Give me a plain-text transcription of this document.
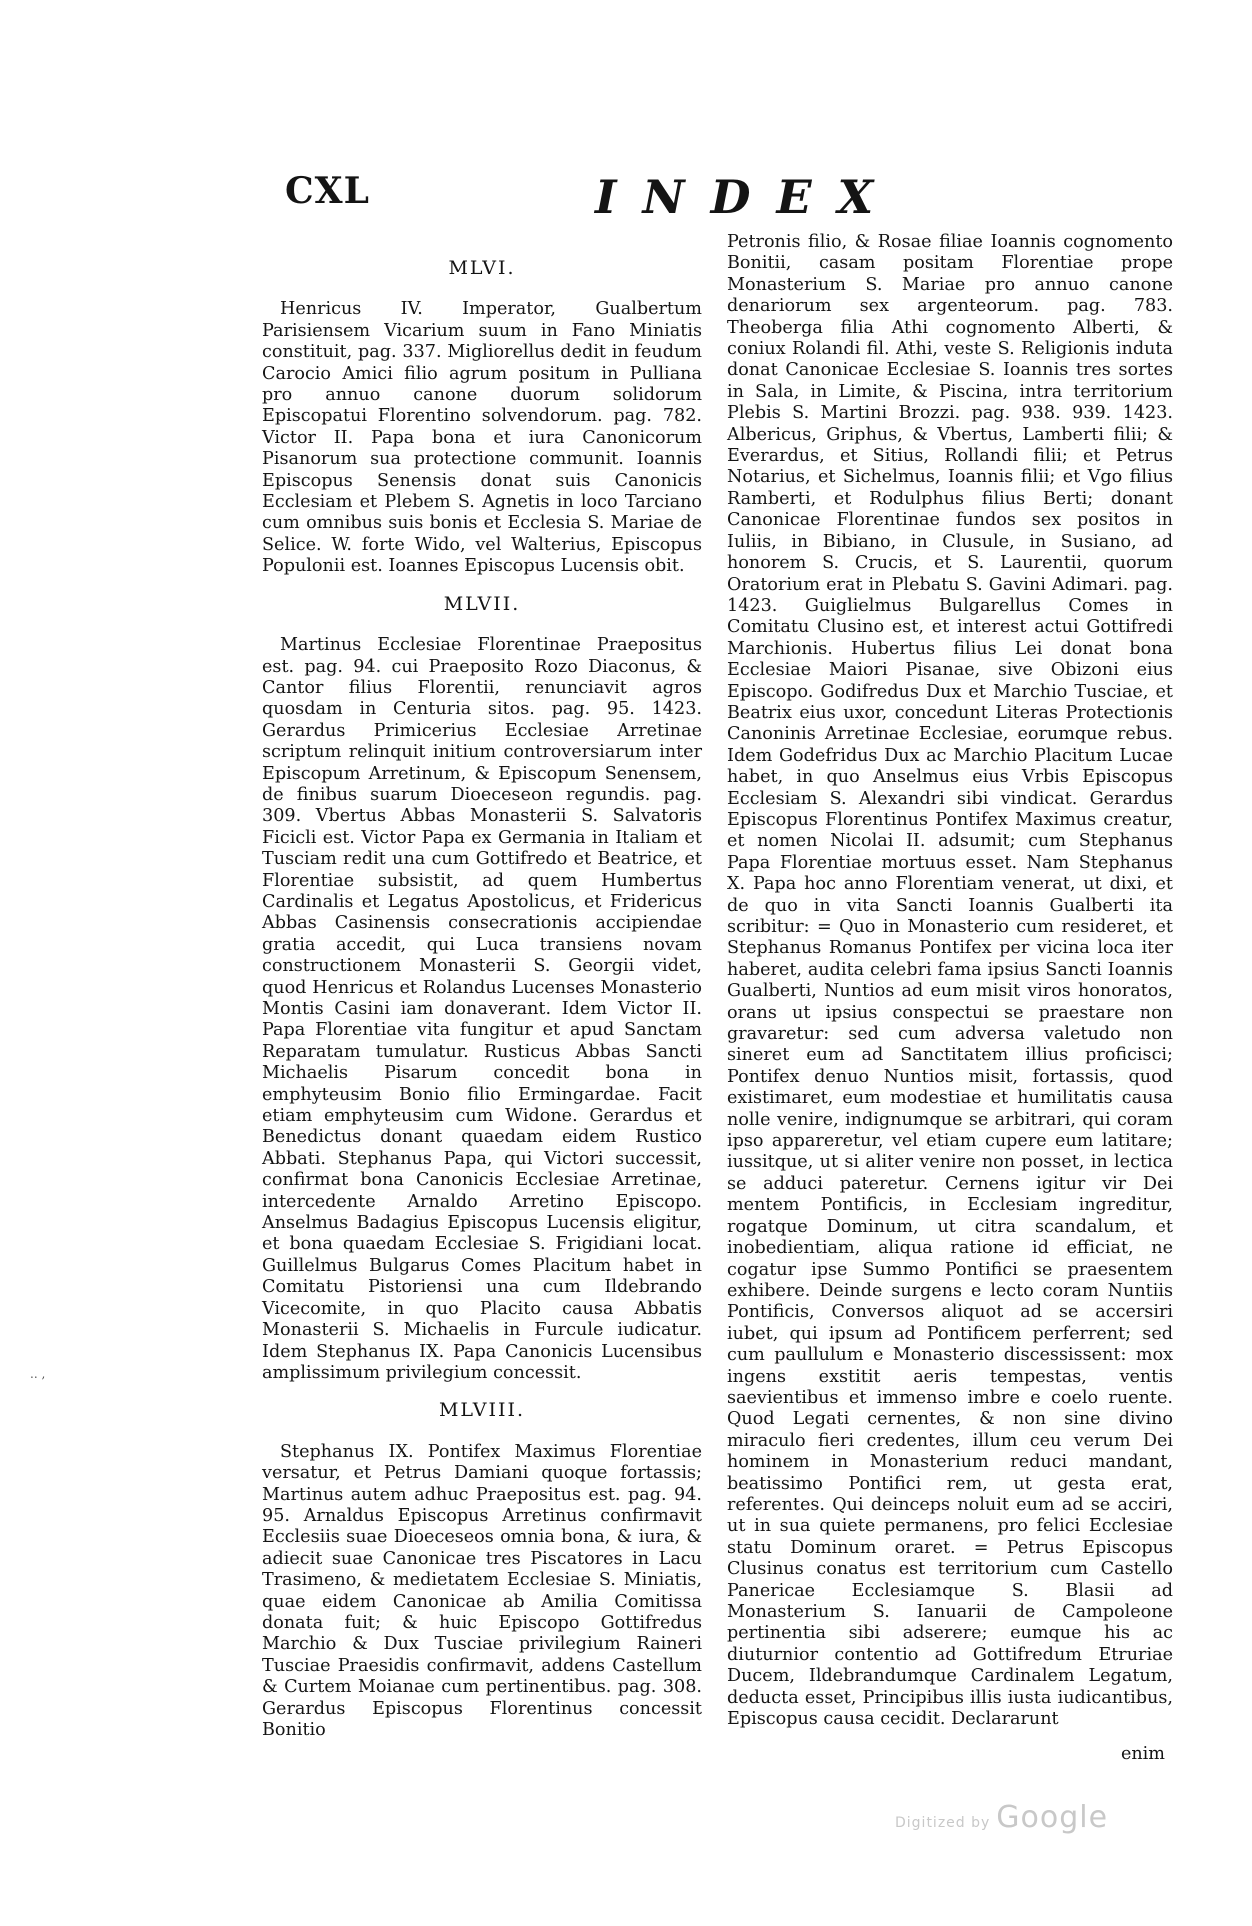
CXL	INDEX
MLVI.

Henricus IV. Imperator, Gualbertum Parisiensem Vicarium suum in Fano Miniatis constituit, pag. 337. Migliorellus dedit in feudum Carocio Amici filio agrum positum in Pulliana pro annuo canone duorum solidorum Episcopatui Florentino solvendorum. pag. 782. Victor II. Papa bona et iura Canonicorum Pisanorum sua protectione communit. Ioannis Episcopus Senensis donat suis Canonicis Ecclesiam et Plebem S. Agnetis in loco Tarciano cum omnibus suis bonis et Ecclesia S. Mariae de Selice. W. forte Wido, vel Walterius, Episcopus Populonii est. Ioannes Episcopus Lucensis obit.

MLVII.

Martinus Ecclesiae Florentinae Praepositus est. pag. 94. cui Praeposito Rozo Diaconus, & Cantor filius Florentii, renunciavit agros quosdam in Centuria sitos. pag. 95. 1423. Gerardus Primicerius Ecclesiae Arretinae scriptum relinquit initium controversiarum inter Episcopum Arretinum, & Episcopum Senensem, de finibus suarum Dioeceseon regundis. pag. 309. Vbertus Abbas Monasterii S. Salvatoris Ficicli est. Victor Papa ex Germania in Italiam et Tusciam redit una cum Gottifredo et Beatrice, et Florentiae subsistit, ad quem Humbertus Cardinalis et Legatus Apostolicus, et Fridericus Abbas Casinensis consecrationis accipiendae gratia accedit, qui Luca transiens novam constructionem Monasterii S. Georgii videt, quod Henricus et Rolandus Lucenses Monasterio Montis Casini iam donaverant. Idem Victor II. Papa Florentiae vita fungitur et apud Sanctam Reparatam tumulatur. Rusticus Abbas Sancti Michaelis Pisarum concedit bona in emphyteusim Bonio filio Ermingardae. Facit etiam emphyteusim cum Widone. Gerardus et Benedictus donant quaedam eidem Rustico Abbati. Stephanus Papa, qui Victori successit, confirmat bona Canonicis Ecclesiae Arretinae, intercedente Arnaldo Arretino Episcopo. Anselmus Badagius Episcopus Lucensis eligitur, et bona quaedam Ecclesiae S. Frigidiani locat. Guillelmus Bulgarus Comes Placitum habet in Comitatu Pistoriensi una cum Ildebrando Vicecomite, in quo Placito causa Abbatis Monasterii S. Michaelis in Furcule iudicatur. Idem Stephanus IX. Papa Canonicis Lucensibus amplissimum privilegium concessit.

MLVIII.

Stephanus IX. Pontifex Maximus Florentiae versatur, et Petrus Damiani quoque fortassis; Martinus autem adhuc Praepositus est. pag. 94. 95. Arnaldus Episcopus Arretinus confirmavit Ecclesiis suae Dioeceseos omnia bona, & iura, & adiecit suae Canonicae tres Piscatores in Lacu Trasimeno, & medietatem Ecclesiae S. Miniatis, quae eidem Canonicae ab Amilia Comitissa donata fuit; & huic Episcopo Gottifredus Marchio & Dux Tusciae privilegium Raineri Tusciae Praesidis confirmavit, addens Castellum & Curtem Moianae cum pertinentibus. pag. 308. Gerardus Episcopus Florentinus concessit Bonitio

Petronis filio, & Rosae filiae Ioannis cognomento Bonitii, casam positam Florentiae prope Monasterium S. Mariae pro annuo canone denariorum sex argenteorum. pag. 783. Theoberga filia Athi cognomento Alberti, & coniux Rolandi fil. Athi, veste S. Religionis induta donat Canonicae Ecclesiae S. Ioannis tres sortes in Sala, in Limite, & Piscina, intra territorium Plebis S. Martini Brozzi. pag. 938. 939. 1423. Albericus, Griphus, & Vbertus, Lamberti filii; & Everardus, et Sitius, Rollandi filii; et Petrus Notarius, et Sichelmus, Ioannis filii; et Vgo filius Ramberti, et Rodulphus filius Berti; donant Canonicae Florentinae fundos sex positos in Iuliis, in Bibiano, in Clusule, in Susiano, ad honorem S. Crucis, et S. Laurentii, quorum Oratorium erat in Plebatu S. Gavini Adimari. pag. 1423. Guiglielmus Bulgarellus Comes in Comitatu Clusino est, et interest actui Gottifredi Marchionis. Hubertus filius Lei donat bona Ecclesiae Maiori Pisanae, sive Obizoni eius Episcopo. Godifredus Dux et Marchio Tusciae, et Beatrix eius uxor, concedunt Literas Protectionis Canoninis Arretinae Ecclesiae, eorumque rebus. Idem Godefridus Dux ac Marchio Placitum Lucae habet, in quo Anselmus eius Vrbis Episcopus Ecclesiam S. Alexandri sibi vindicat. Gerardus Episcopus Florentinus Pontifex Maximus creatur, et nomen Nicolai II. adsumit; cum Stephanus Papa Florentiae mortuus esset. Nam Stephanus X. Papa hoc anno Florentiam venerat, ut dixi, et de quo in vita Sancti Ioannis Gualberti ita scribitur: = Quo in Monasterio cum resideret, et Stephanus Romanus Pontifex per vicina loca iter haberet, audita celebri fama ipsius Sancti Ioannis Gualberti, Nuntios ad eum misit viros honoratos, orans ut ipsius conspectui se praestare non gravaretur: sed cum adversa valetudo non sineret eum ad Sanctitatem illius proficisci; Pontifex denuo Nuntios misit, fortassis, quod existimaret, eum modestiae et humilitatis causa nolle venire, indignumque se arbitrari, qui coram ipso appareretur, vel etiam cupere eum latitare; iussitque, ut si aliter venire non posset, in lectica se adduci pateretur. Cernens igitur vir Dei mentem Pontificis, in Ecclesiam ingreditur, rogatque Dominum, ut citra scandalum, et inobedientiam, aliqua ratione id efficiat, ne cogatur ipse Summo Pontifici se praesentem exhibere. Deinde surgens e lecto coram Nuntiis Pontificis, Conversos aliquot ad se accersiri iubet, qui ipsum ad Pontificem perferrent; sed cum paullulum e Monasterio discessissent: mox ingens exstitit aeris tempestas, ventis saevientibus et immenso imbre e coelo ruente. Quod Legati cernentes, & non sine divino miraculo fieri credentes, illum ceu verum Dei hominem in Monasterium reduci mandant, beatissimo Pontifici rem, ut gesta erat, referentes. Qui deinceps noluit eum ad se acciri, ut in sua quiete permanens, pro felici Ecclesiae statu Dominum oraret. = Petrus Episcopus Clusinus conatus est territorium cum Castello Panericae Ecclesiamque S. Blasii ad Monasterium S. Ianuarii de Campoleone pertinentia sibi adserere; eumque his ac diuturnior contentio ad Gottifredum Etruriae Ducem, Ildebrandumque Cardinalem Legatum, deducta esset, Principibus illis iusta iudicantibus, Episcopus causa cecidit. Declararunt

enim
.. ,
Digitized by Google
